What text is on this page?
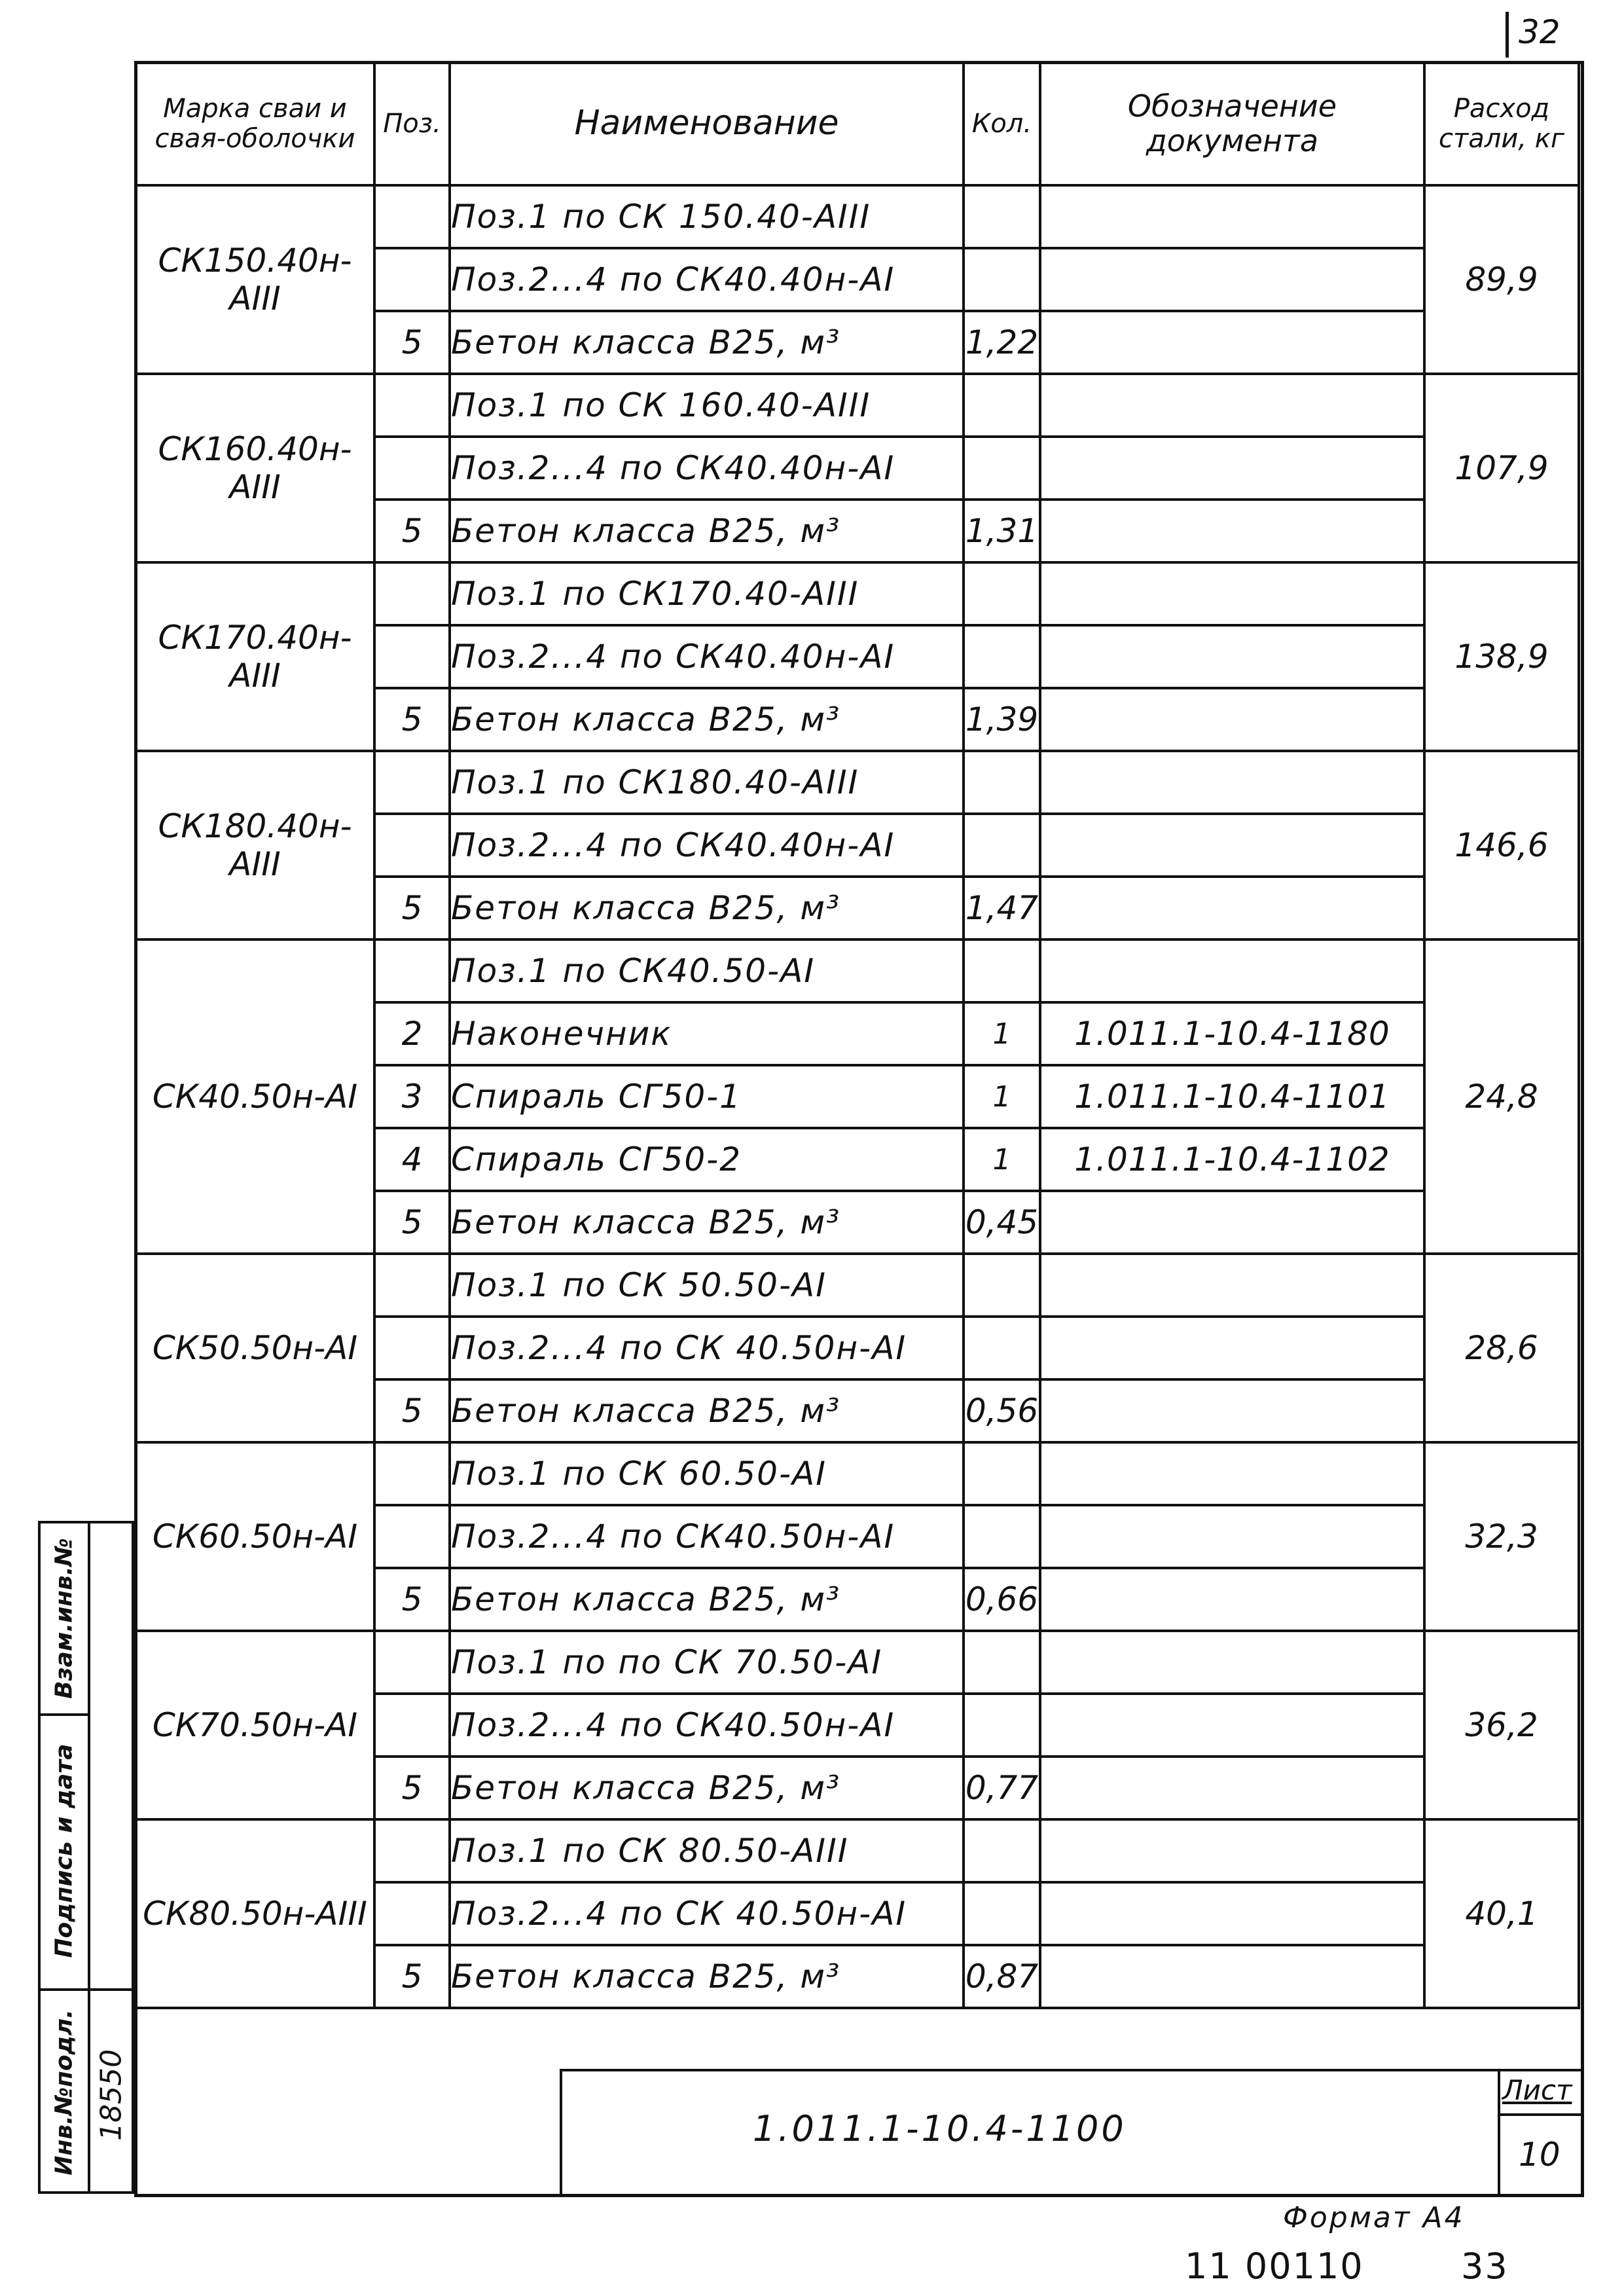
32
Марка сваи и свая-оболочки	Поз.	Наименование	Кол.	Обозначение документа	Расход стали, кг
СК150.40н-АIII		Поз.1 по СК 150.40-АIII			89,9
		Поз.2...4 по СК40.40н-АI			
	5	Бетон класса В25, м³	1,22		
СК160.40н-АIII		Поз.1 по СК 160.40-АIII			107,9
		Поз.2...4 по СК40.40н-АI			
	5	Бетон класса В25, м³	1,31		
СК170.40н-АIII		Поз.1 по СК170.40-АIII			138,9
		Поз.2...4 по СК40.40н-АI			
	5	Бетон класса В25, м³	1,39		
СК180.40н-АIII		Поз.1 по СК180.40-АIII			146,6
		Поз.2...4 по СК40.40н-АI			
	5	Бетон класса В25, м³	1,47		
СК40.50н-АI		Поз.1 по СК40.50-АI			24,8
	2	Наконечник	1	1.011.1-10.4-1180	
	3	Спираль СГ50-1	1	1.011.1-10.4-1101	
	4	Спираль СГ50-2	1	1.011.1-10.4-1102	
	5	Бетон класса В25, м³	0,45		
СК50.50н-АI		Поз.1 по СК 50.50-АI			28,6
		Поз.2...4 по СК 40.50н-АI			
	5	Бетон класса В25, м³	0,56		
СК60.50н-АI		Поз.1 по СК 60.50-АI			32,3
		Поз.2...4 по СК40.50н-АI			
	5	Бетон класса В25, м³	0,66		
СК70.50н-АI		Поз.1 по по СК 70.50-АI			36,2
		Поз.2...4 по СК40.50н-АI			
	5	Бетон класса В25, м³	0,77		
СК80.50н-АIII		Поз.1 по СК 80.50-АIII			40,1
		Поз.2...4 по СК 40.50н-АI			
	5	Бетон класса В25, м³	0,87		
Взам.инв.№
Подпись и дата
Инв.№подл. 18550	1.011.1-10.4-1100
Лист
10
Формат А4
11 00110	33
